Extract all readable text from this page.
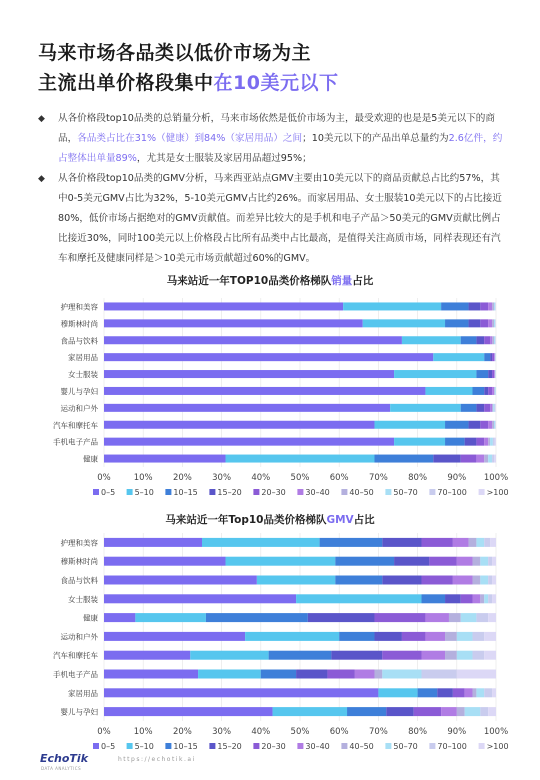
马来市场各品类以低价市场为主
主流出单价格段集中在10美元以下
◆ 从各价格段top10品类的总销量分析，马来市场依然是低价市场为主，最受欢迎的也是是5美元以下的商品，各品类占比在31%（健康）到84%（家居用品）之间；10美元以下的产品出单总量约为2.6亿件，约占整体出单量89%，尤其是女士服装及家居用品超过95%；
◆ 从各价格段top10品类的GMV分析，马来西亚站点GMV主要由10美元以下的商品贡献总占比约57%，其中0-5美元GMV占比为32%，5-10美元GMV占比约26%。而家居用品、女士服装10美元以下的占比接近80%，低价市场占据绝对的GMV贡献值。而差异比较大的是手机和电子产品＞50美元的GMV贡献比例占比接近30%，同时100美元以上价格段占比所有品类中占比最高，是值得关注高质市场，同样表现还有汽车和摩托及健康同样是＞10美元市场贡献超过60%的GMV。
马来站近一年TOP10品类价格梯队销量占比
0%	10% 20% 30% 40% 50% 60% 70% 80% 90% 100%
护理和美容
穆斯林时尚
食品与饮料
家居用品
女士服装
婴儿与孕妇
运动和户外
汽车和摩托车
手机电子产品
健康
0–5 5–10 10–15 15–20 20–30 30–40 40–50 50–70 70–100 >100
马来站近一年Top10品类价格梯队GMV占比
0%	10% 20% 30% 40% 50% 60% 70% 80% 90% 100%
护理和美容
穆斯林时尚
食品与饮料
女士服装
健康
运动和户外
汽车和摩托车
手机电子产品
家居用品
婴儿与孕妇
0–5 5–10 10–15 15–20 20–30 30–40 40–50 50–70 70–100 >100
EchoTik
DATA ANALYTICS
https://echotik.ai
